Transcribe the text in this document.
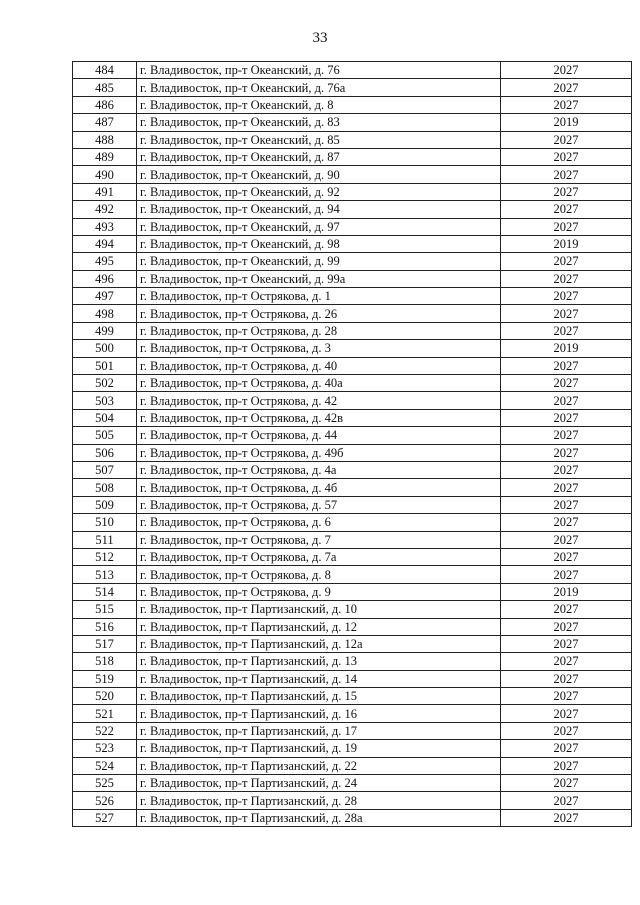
33
484	г. Владивосток, пр-т Океанский, д. 76	2027
485	г. Владивосток, пр-т Океанский, д. 76а	2027
486	г. Владивосток, пр-т Океанский, д. 8	2027
487	г. Владивосток, пр-т Океанский, д. 83	2019
488	г. Владивосток, пр-т Океанский, д. 85	2027
489	г. Владивосток, пр-т Океанский, д. 87	2027
490	г. Владивосток, пр-т Океанский, д. 90	2027
491	г. Владивосток, пр-т Океанский, д. 92	2027
492	г. Владивосток, пр-т Океанский, д. 94	2027
493	г. Владивосток, пр-т Океанский, д. 97	2027
494	г. Владивосток, пр-т Океанский, д. 98	2019
495	г. Владивосток, пр-т Океанский, д. 99	2027
496	г. Владивосток, пр-т Океанский, д. 99а	2027
497	г. Владивосток, пр-т Острякова, д. 1	2027
498	г. Владивосток, пр-т Острякова, д. 26	2027
499	г. Владивосток, пр-т Острякова, д. 28	2027
500	г. Владивосток, пр-т Острякова, д. 3	2019
501	г. Владивосток, пр-т Острякова, д. 40	2027
502	г. Владивосток, пр-т Острякова, д. 40а	2027
503	г. Владивосток, пр-т Острякова, д. 42	2027
504	г. Владивосток, пр-т Острякова, д. 42в	2027
505	г. Владивосток, пр-т Острякова, д. 44	2027
506	г. Владивосток, пр-т Острякова, д. 49б	2027
507	г. Владивосток, пр-т Острякова, д. 4а	2027
508	г. Владивосток, пр-т Острякова, д. 4б	2027
509	г. Владивосток, пр-т Острякова, д. 57	2027
510	г. Владивосток, пр-т Острякова, д. 6	2027
511	г. Владивосток, пр-т Острякова, д. 7	2027
512	г. Владивосток, пр-т Острякова, д. 7а	2027
513	г. Владивосток, пр-т Острякова, д. 8	2027
514	г. Владивосток, пр-т Острякова, д. 9	2019
515	г. Владивосток, пр-т Партизанский, д. 10	2027
516	г. Владивосток, пр-т Партизанский, д. 12	2027
517	г. Владивосток, пр-т Партизанский, д. 12а	2027
518	г. Владивосток, пр-т Партизанский, д. 13	2027
519	г. Владивосток, пр-т Партизанский, д. 14	2027
520	г. Владивосток, пр-т Партизанский, д. 15	2027
521	г. Владивосток, пр-т Партизанский, д. 16	2027
522	г. Владивосток, пр-т Партизанский, д. 17	2027
523	г. Владивосток, пр-т Партизанский, д. 19	2027
524	г. Владивосток, пр-т Партизанский, д. 22	2027
525	г. Владивосток, пр-т Партизанский, д. 24	2027
526	г. Владивосток, пр-т Партизанский, д. 28	2027
527	г. Владивосток, пр-т Партизанский, д. 28а	2027
